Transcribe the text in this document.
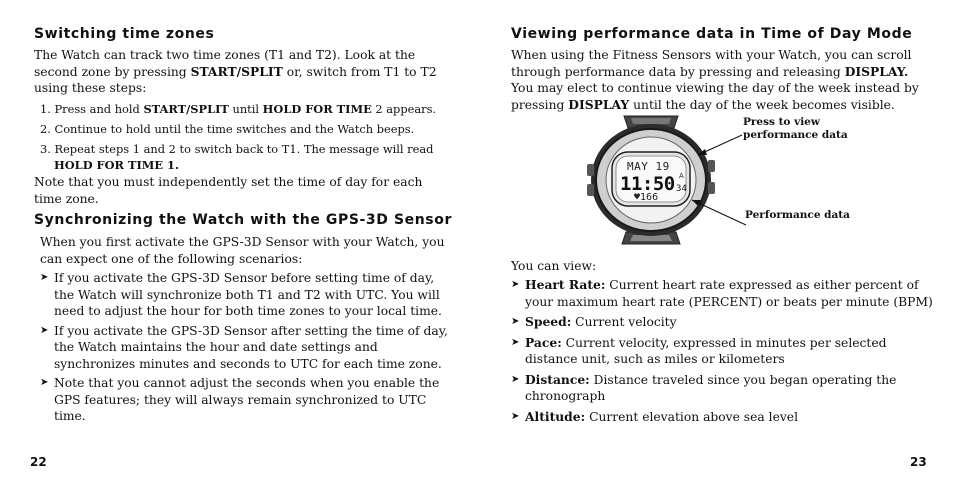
Switching time zones

The Watch can track two time zones (T1 and T2). Look at the second zone by pressing START/SPLIT or, switch from T1 to T2 using these steps:

1. Press and hold START/SPLIT until HOLD FOR TIME 2 appears.

2. Continue to hold until the time switches and the Watch beeps.

3. Repeat steps 1 and 2 to switch back to T1. The message will read
HOLD FOR TIME 1.

Note that you must independently set the time of day for each time zone.

Synchronizing the Watch with the GPS-3D Sensor

When you first activate the GPS-3D Sensor with your Watch, you can expect one of the following scenarios:

➤ If you activate the GPS-3D Sensor before setting time of day, the Watch will synchronize both T1 and T2 with UTC. You will need to adjust the hour for both time zones to your local time.

➤ If you activate the GPS-3D Sensor after setting the time of day, the Watch maintains the hour and date settings and synchronizes minutes and seconds to UTC for each time zone.

➤ Note that you cannot adjust the seconds when you enable the GPS features; they will always remain synchronized to UTC time.

22
Viewing performance data in Time of Day Mode

When using the Fitness Sensors with your Watch, you can scroll through performance data by pressing and releasing DISPLAY. You may elect to continue viewing the day of the week instead by pressing DISPLAY until the day of the week becomes visible.

MAY 19
11:50 34
A
♥166
Press to view performance data
Performance data

You can view:

➤ Heart Rate: Current heart rate expressed as either percent of your maximum heart rate (PERCENT) or beats per minute (BPM)

➤ Speed: Current velocity

➤ Pace: Current velocity, expressed in minutes per selected distance unit, such as miles or kilometers

➤ Distance: Distance traveled since you began operating the chronograph

➤ Altitude: Current elevation above sea level

23
